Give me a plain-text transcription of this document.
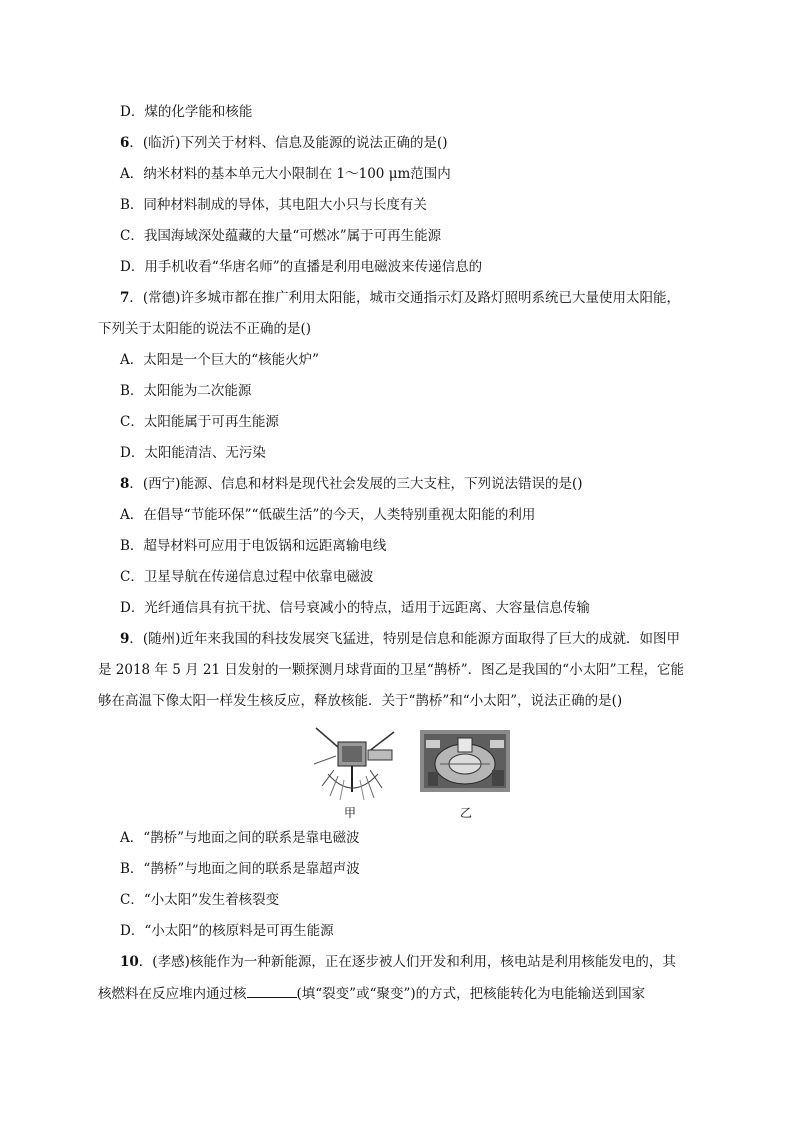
D．煤的化学能和核能
6．(临沂)下列关于材料、信息及能源的说法正确的是()
A．纳米材料的基本单元大小限制在 1～100 μm范围内
B．同种材料制成的导体，其电阻大小只与长度有关
C．我国海域深处蕴藏的大量“可燃冰”属于可再生能源
D．用手机收看“华唐名师”的直播是利用电磁波来传递信息的
7．(常德)许多城市都在推广利用太阳能，城市交通指示灯及路灯照明系统已大量使用太阳能，
下列关于太阳能的说法不正确的是()
A．太阳是一个巨大的“核能火炉”
B．太阳能为二次能源
C．太阳能属于可再生能源
D．太阳能清洁、无污染
8．(西宁)能源、信息和材料是现代社会发展的三大支柱，下列说法错误的是()
A．在倡导“节能环保”“低碳生活”的今天，人类特别重视太阳能的利用
B．超导材料可应用于电饭锅和远距离输电线
C．卫星导航在传递信息过程中依靠电磁波
D．光纤通信具有抗干扰、信号衰减小的特点，适用于远距离、大容量信息传输
9．(随州)近年来我国的科技发展突飞猛进，特别是信息和能源方面取得了巨大的成就．如图甲
是 2018 年 5 月 21 日发射的一颗探测月球背面的卫星“鹊桥”．图乙是我国的“小太阳”工程，它能
够在高温下像太阳一样发生核反应，释放核能．关于“鹊桥”和“小太阳”，说法正确的是()
甲	乙
A．“鹊桥”与地面之间的联系是靠电磁波
B．“鹊桥”与地面之间的联系是靠超声波
C．“小太阳”发生着核裂变
D．“小太阳”的核原料是可再生能源
10．(孝感)核能作为一种新能源，正在逐步被人们开发和利用，核电站是利用核能发电的，其
核燃料在反应堆内通过核	(填“裂变”或“聚变”)的方式，把核能转化为电能输送到国家
